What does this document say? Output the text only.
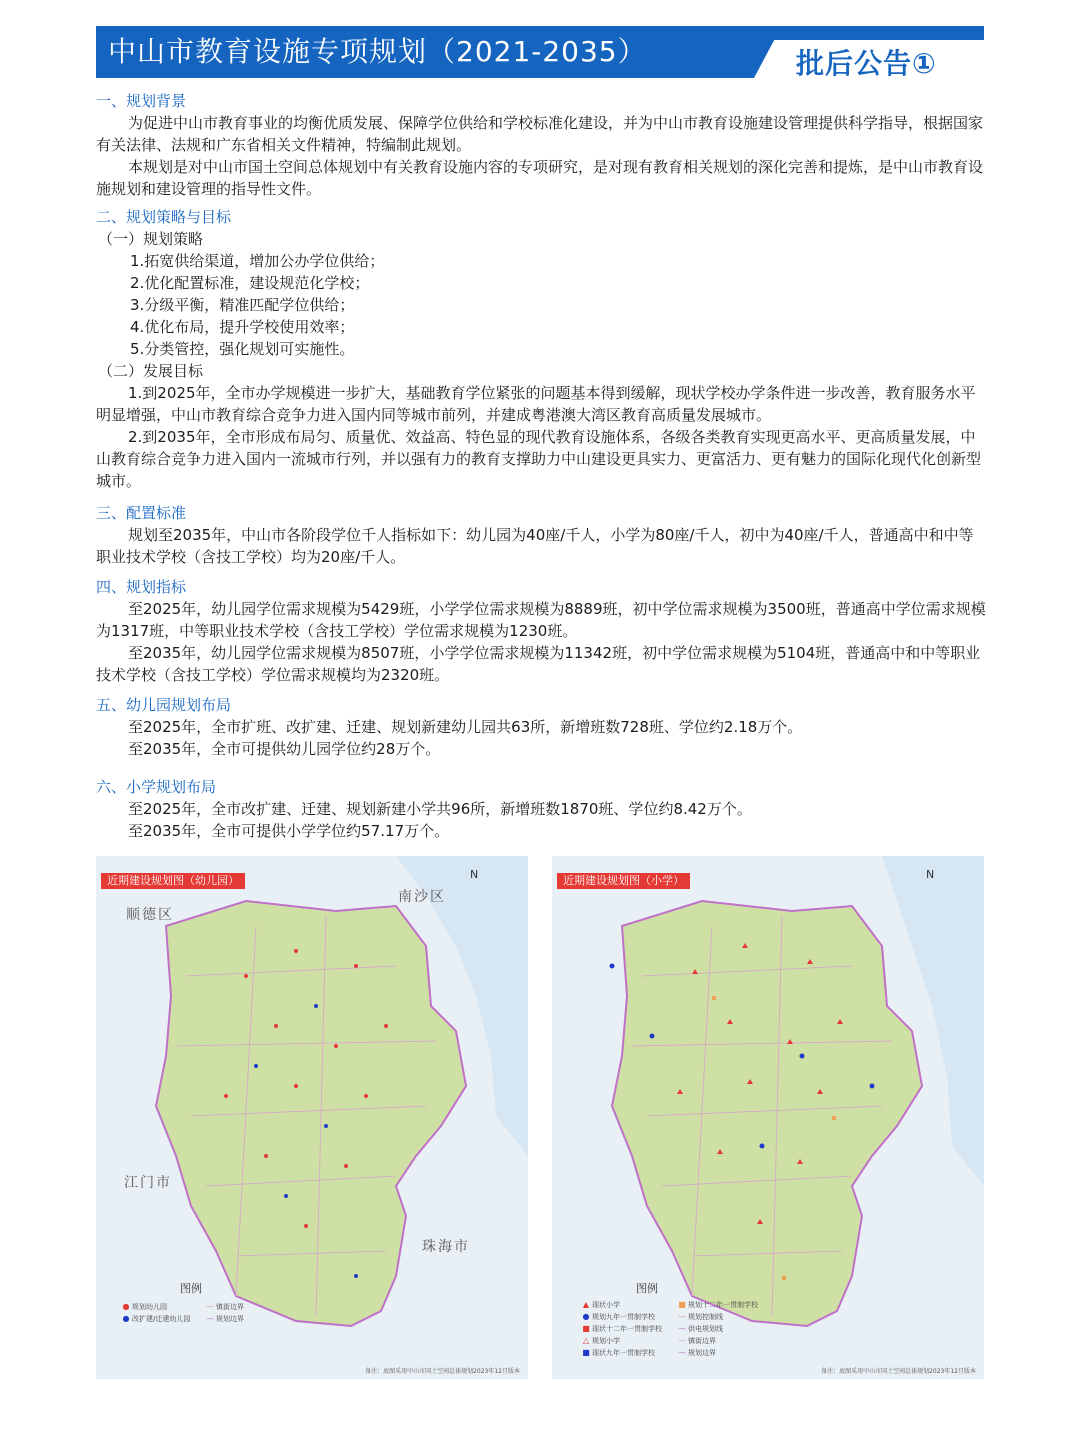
中山市教育设施专项规划（2021-2035）	批后公告①
一、规划背景

为促进中山市教育事业的均衡优质发展、保障学位供给和学校标准化建设，并为中山市教育设施建设管理提供科学指导，根据国家有关法律、法规和广东省相关文件精神，特编制此规划。

本规划是对中山市国土空间总体规划中有关教育设施内容的专项研究，是对现有教育相关规划的深化完善和提炼，是中山市教育设施规划和建设管理的指导性文件。

二、规划策略与目标
（一）规划策略
1.拓宽供给渠道，增加公办学位供给；
2.优化配置标准，建设规范化学校；
3.分级平衡，精准匹配学位供给；
4.优化布局，提升学校使用效率；
5.分类管控，强化规划可实施性。
（二）发展目标

1.到2025年，全市办学规模进一步扩大，基础教育学位紧张的问题基本得到缓解，现状学校办学条件进一步改善，教育服务水平明显增强，中山市教育综合竞争力进入国内同等城市前列，并建成粤港澳大湾区教育高质量发展城市。

2.到2035年，全市形成布局匀、质量优、效益高、特色显的现代教育设施体系，各级各类教育实现更高水平、更高质量发展，中山教育综合竞争力进入国内一流城市行列，并以强有力的教育支撑助力中山建设更具实力、更富活力、更有魅力的国际化现代化创新型城市。

三、配置标准

规划至2035年，中山市各阶段学位千人指标如下：幼儿园为40座/千人，小学为80座/千人，初中为40座/千人，普通高中和中等职业技术学校（含技工学校）均为20座/千人。

四、规划指标

至2025年，幼儿园学位需求规模为5429班，小学学位需求规模为8889班，初中学位需求规模为3500班，普通高中学位需求规模为1317班，中等职业技术学校（含技工学校）学位需求规模为1230班。

至2035年，幼儿园学位需求规模为8507班，小学学位需求规模为11342班，初中学位需求规模为5104班，普通高中和中等职业技术学校（含技工学校）学位需求规模均为2320班。

五、幼儿园规划布局

至2025年，全市扩班、改扩建、迁建、规划新建幼儿园共63所，新增班数728班、学位约2.18万个。

至2035年，全市可提供幼儿园学位约28万个。

六、小学规划布局

至2025年，全市改扩建、迁建、规划新建小学共96所，新增班数1870班、学位约8.42万个。

至2035年，全市可提供小学学位约57.17万个。

近期建设规划图（幼儿园）	N
顺德区
南沙区
江门市
珠海市
图例
● 规划幼儿园
● 改扩建/迁建幼儿园
— 镇街边界
— 规划边界
备注：底图采用中山市国土空间总体规划2023年12月版本
近期建设规划图（小学）	N
图例
▲ 现状小学
● 规划九年一贯制学校
■ 现状十二年一贯制学校
△ 规划小学
■ 现状九年一贯制学校
■ 规划十二年一贯制学校
— 规划控制线
— 供电规划线
— 镇街边界
— 规划边界
备注：底图采用中山市国土空间总体规划2023年12月版本
